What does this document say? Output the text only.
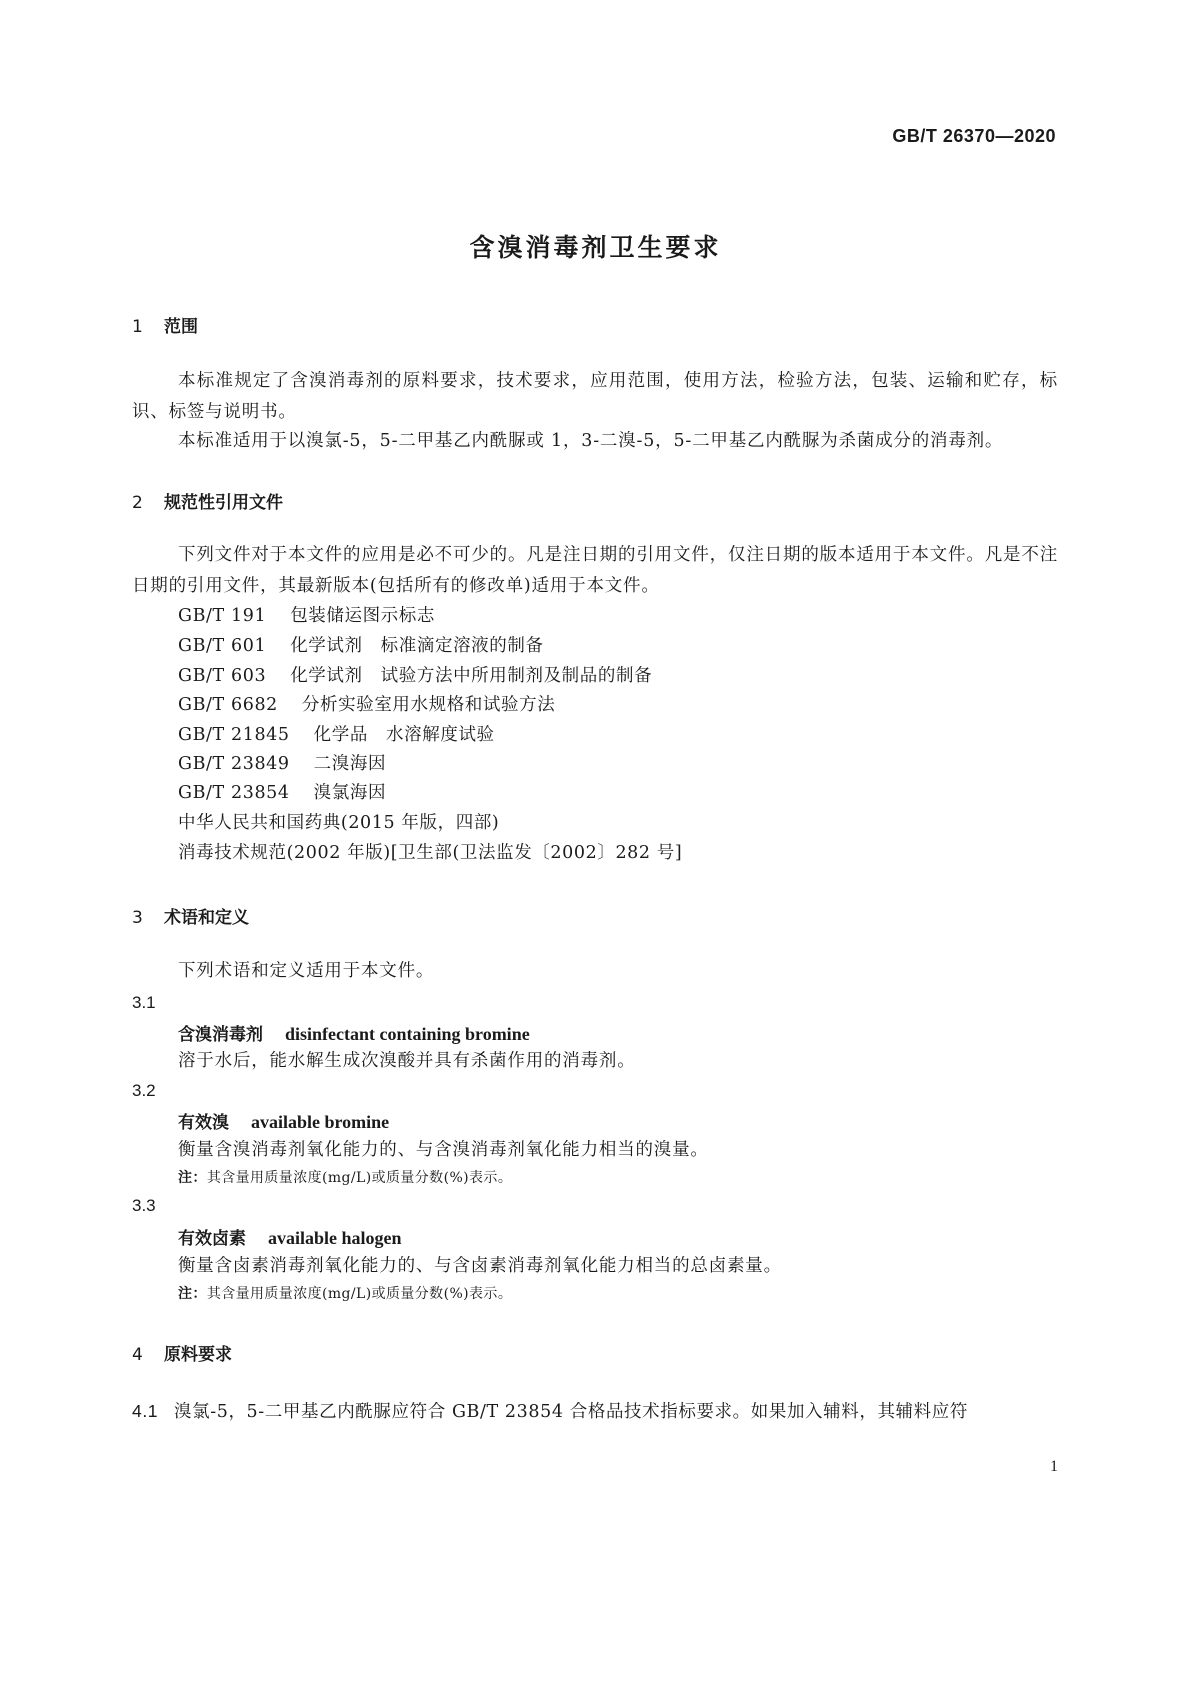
GB/T 26370—2020
含溴消毒剂卫生要求
1 范围
本标准规定了含溴消毒剂的原料要求，技术要求，应用范围，使用方法，检验方法，包装、运输和贮存，标识、标签与说明书。
本标准适用于以溴氯-5，5-二甲基乙内酰脲或 1，3-二溴-5，5-二甲基乙内酰脲为杀菌成分的消毒剂。
2 规范性引用文件
下列文件对于本文件的应用是必不可少的。凡是注日期的引用文件，仅注日期的版本适用于本文件。凡是不注日期的引用文件，其最新版本(包括所有的修改单)适用于本文件。
GB/T 191 包装储运图示标志
GB/T 601 化学试剂　标准滴定溶液的制备
GB/T 603 化学试剂　试验方法中所用制剂及制品的制备
GB/T 6682 分析实验室用水规格和试验方法
GB/T 21845 化学品　水溶解度试验
GB/T 23849 二溴海因
GB/T 23854 溴氯海因
中华人民共和国药典(2015 年版，四部)
消毒技术规范(2002 年版)[卫生部(卫法监发〔2002〕282 号]
3 术语和定义
下列术语和定义适用于本文件。
3.1
含溴消毒剂 disinfectant containing bromine
溶于水后，能水解生成次溴酸并具有杀菌作用的消毒剂。
3.2
有效溴 available bromine
衡量含溴消毒剂氧化能力的、与含溴消毒剂氧化能力相当的溴量。
注：其含量用质量浓度(mg/L)或质量分数(%)表示。
3.3
有效卤素 available halogen
衡量含卤素消毒剂氧化能力的、与含卤素消毒剂氧化能力相当的总卤素量。
注：其含量用质量浓度(mg/L)或质量分数(%)表示。
4 原料要求
4.1 溴氯-5，5-二甲基乙内酰脲应符合 GB/T 23854 合格品技术指标要求。如果加入辅料，其辅料应符
1
